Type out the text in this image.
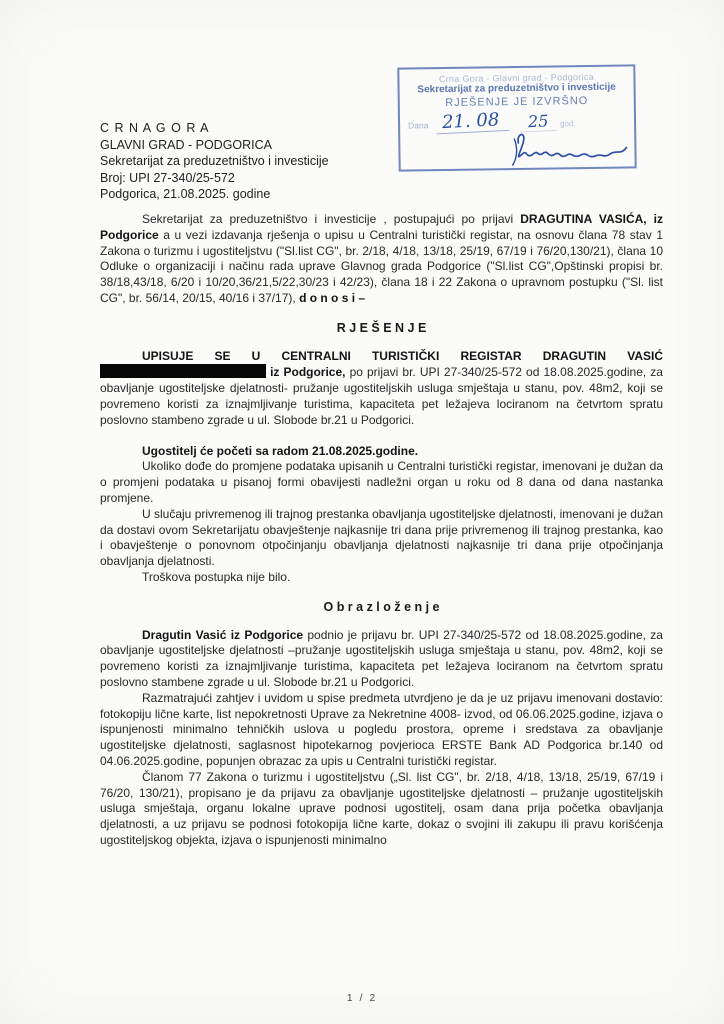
C R N A G O R A
GLAVNI GRAD - PODGORICA
Sekretarijat za preduzetništvo i investicije
Broj: UPI 27-340/25-572
Podgorica, 21.08.2025. godine
Crna Gora - Glavni grad - Podgorica
Sekretarijat za preduzetništvo i investicije
RJEŠENJE JE IZVRŠNO
Dana 21. 08	25	god.

Sekretarijat za preduzetništvo i investicije , postupajući po prijavi DRAGUTINA VASIĆA, iz Podgorice a u vezi izdavanja rješenja o upisu u Centralni turistički registar, na osnovu člana 78 stav 1 Zakona o turizmu i ugostiteljstvu ("Sl.list CG", br. 2/18, 4/18, 13/18, 25/19, 67/19 i 76/20,130/21), člana 10 Odluke o organizaciji i načinu rada uprave Glavnog grada Podgorice ("Sl.list CG",Opštinski propisi br. 38/18,43/18, 6/20 i 10/20,36/21,5/22,30/23 i 42/23), člana 18 i 22 Zakona o upravnom postupku ("Sl. list CG", br. 56/14, 20/15, 40/16 i 37/17), d o n o s i –

R J E Š E N J E

UPISUJE SE U CENTRALNI TURISTIČKI REGISTAR DRAGUTIN VASIĆ  iz Podgorice, po prijavi br. UPI 27-340/25-572 od 18.08.2025.godine, za obavljanje ugostiteljske djelatnosti- pružanje ugostiteljskih usluga smještaja u stanu, pov. 48m2, koji se povremeno koristi za iznajmljivanje turistima, kapaciteta pet ležajeva lociranom na četvrtom spratu poslovno stambeno zgrade u ul. Slobode br.21 u Podgorici.

Ugostitelj će početi sa radom 21.08.2025.godine.

Ukoliko dođe do promjene podataka upisanih u Centralni turistički registar, imenovani je dužan da o promjeni podataka u pisanoj formi obavijesti nadležni organ u roku od 8 dana od dana nastanka promjene.

U slučaju privremenog ili trajnog prestanka obavljanja ugostiteljske djelatnosti, imenovani je dužan da dostavi ovom Sekretarijatu obavještenje najkasnije tri dana prije privremenog ili trajnog prestanka, kao i obavještenje o ponovnom otpočinjanju obavljanja djelatnosti najkasnije tri dana prije otpočinjanja obavljanja djelatnosti.

Troškova postupka nije bilo.

O b r a z l o ž e n j e

Dragutin Vasić iz Podgorice podnio je prijavu br. UPI 27-340/25-572 od 18.08.2025.godine, za obavljanje ugostiteljske djelatnosti –pružanje ugostiteljskih usluga smještaja u stanu, pov. 48m2, koji se povremeno koristi za iznajmljivanje turistima, kapaciteta pet ležajeva lociranom na četvrtom spratu poslovno stambene zgrade u ul. Slobode br.21 u Podgorici.

Razmatrajući zahtjev i uvidom u spise predmeta utvrdjeno je da je uz prijavu imenovani dostavio: fotokopiju lične karte, list nepokretnosti Uprave za Nekretnine 4008- izvod, od 06.06.2025.godine, izjava o ispunjenosti minimalno tehničkih uslova u pogledu prostora, opreme i sredstava za obavljanje ugostiteljske djelatnosti, saglasnost hipotekarnog povjerioca ERSTE Bank AD Podgorica br.140 od 04.06.2025.godine, popunjen obrazac za upis u Centralni turistički registar.

Članom 77 Zakona o turizmu i ugostiteljstvu („Sl. list CG", br. 2/18, 4/18, 13/18, 25/19, 67/19 i 76/20, 130/21), propisano je da prijavu za obavljanje ugostiteljske djelatnosti – pružanje ugostiteljskih usluga smještaja, organu lokalne uprave podnosi ugostitelj, osam dana prija početka obavljanja djelatnosti, a uz prijavu se podnosi fotokopija lične karte, dokaz o svojini ili zakupu ili pravu korišćenja ugostiteljskog objekta, izjava o ispunjenosti minimalno

1 / 2
